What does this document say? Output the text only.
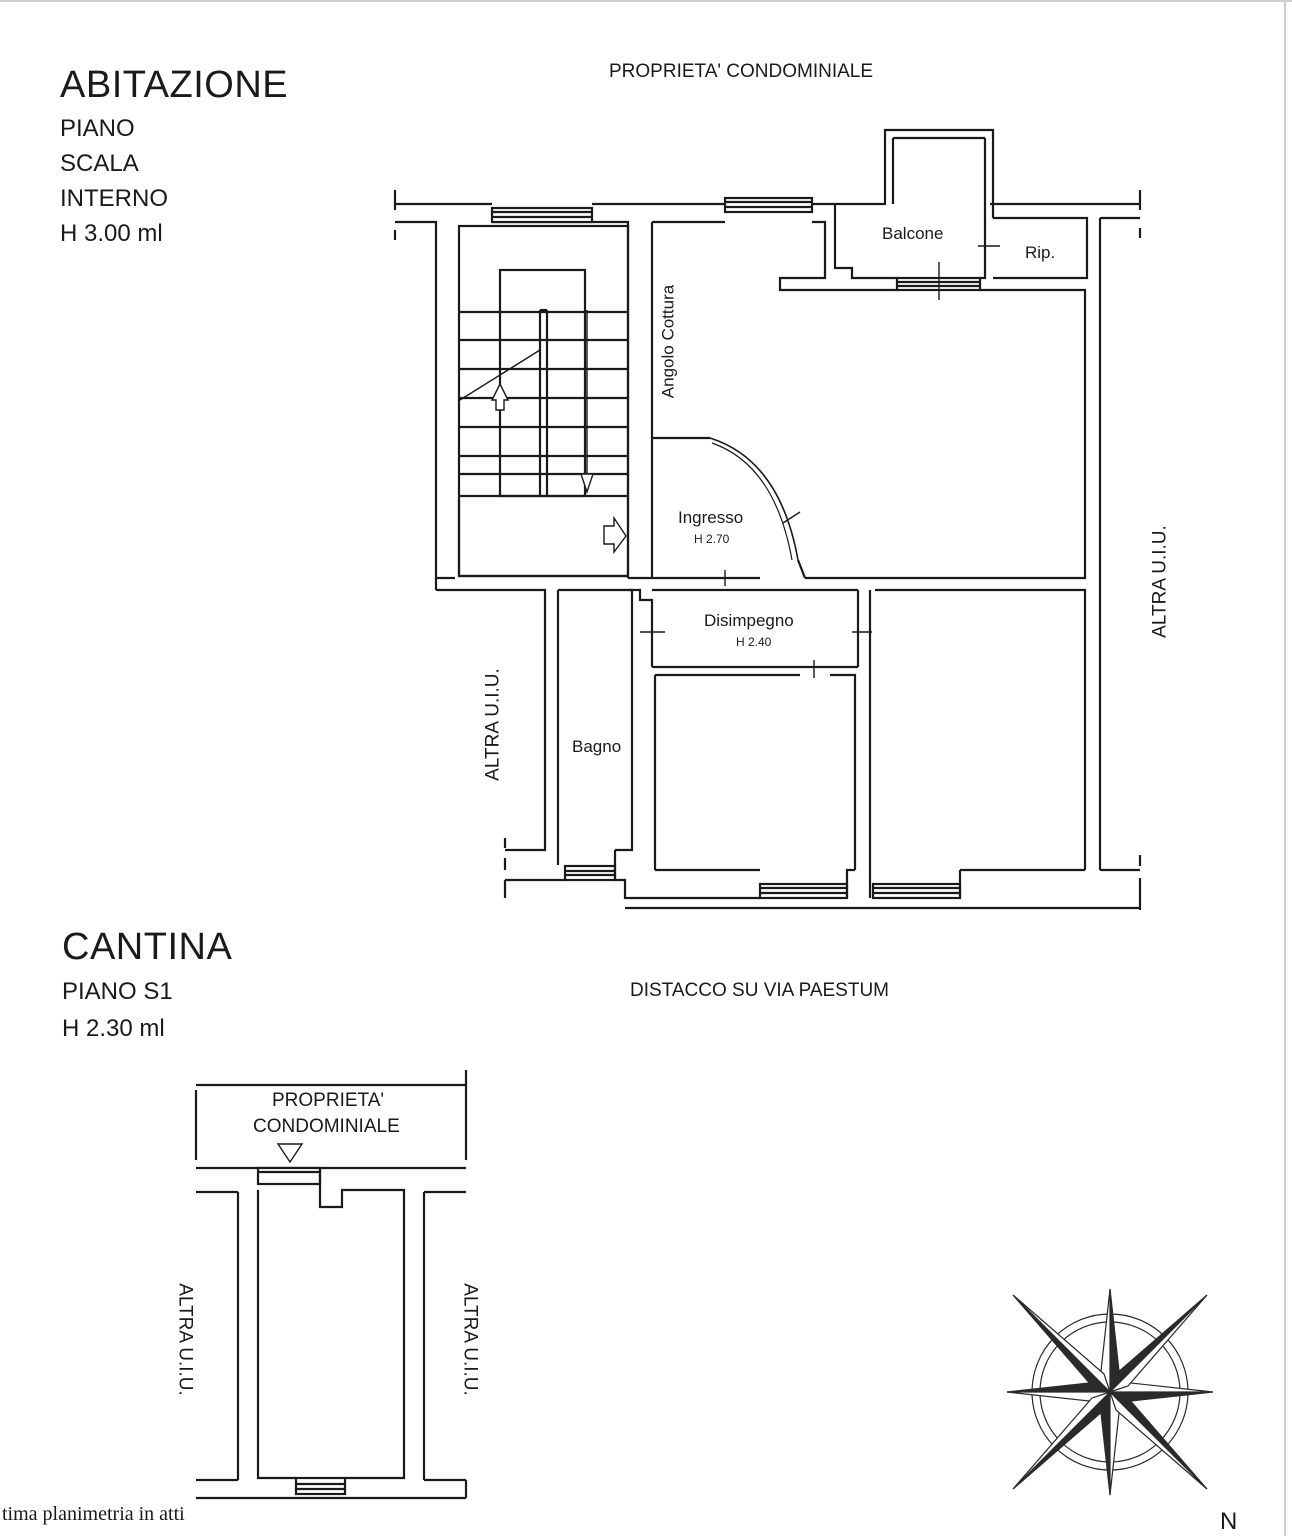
ABITAZIONE
PIANO
SCALA
INTERNO
H 3.00 ml
PROPRIETA' CONDOMINIALE
CANTINA
PIANO S1
H 2.30 ml
DISTACCO SU VIA PAESTUM
PROPRIETA'
CONDOMINIALE
ALTRA U.I.U.	ALTRA U.I.U.
Balcone
Rip.
Angolo Cottura
Ingresso
H 2.70
Disimpegno
H 2.40
Bagno
ALTRA U.I.U.
ALTRA U.I.U.
N
tima planimetria in atti
